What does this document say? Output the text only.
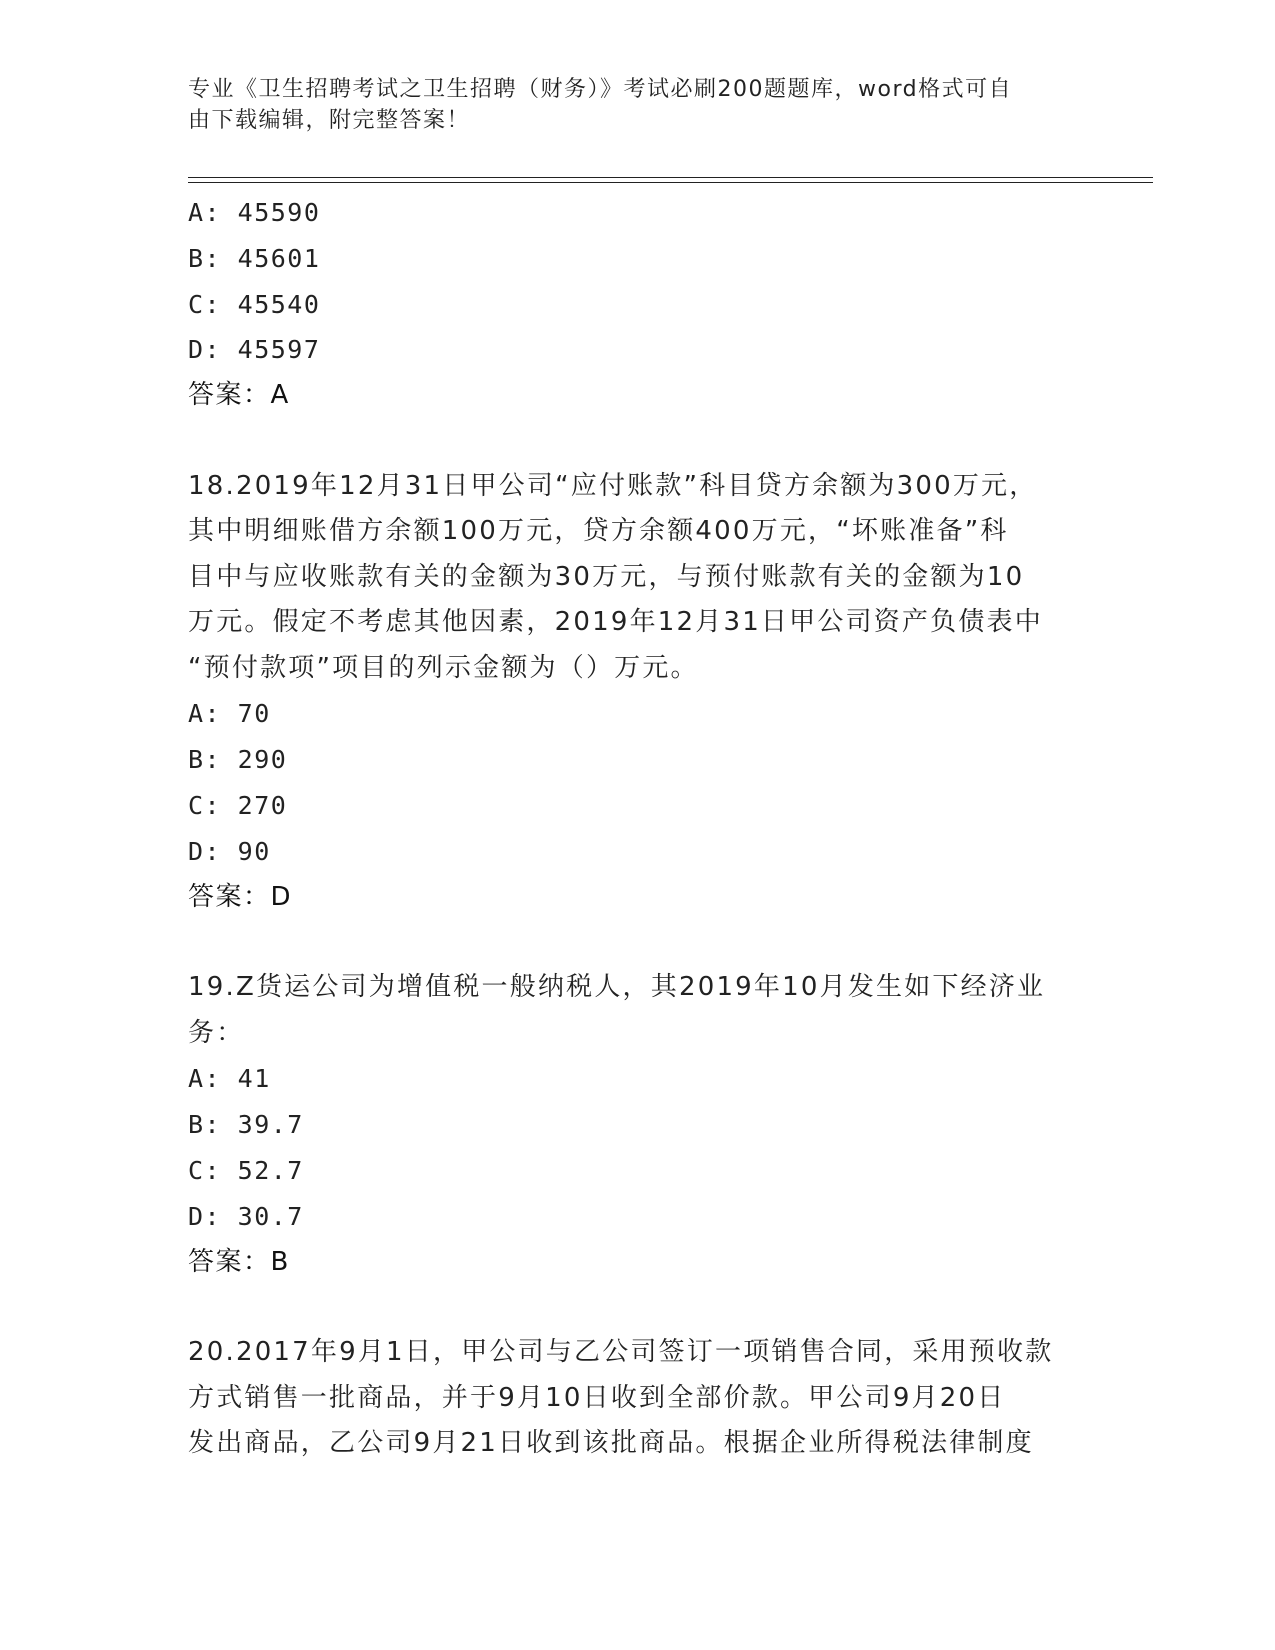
专业《卫生招聘考试之卫生招聘（财务）》考试必刷200题题库，word格式可自
由下载编辑，附完整答案！
A: 45590
B: 45601
C: 45540
D: 45597
答案：A
18.2019年12月31日甲公司“应付账款”科目贷方余额为300万元，
其中明细账借方余额100万元，贷方余额400万元，“坏账准备”科
目中与应收账款有关的金额为30万元，与预付账款有关的金额为10
万元。假定不考虑其他因素，2019年12月31日甲公司资产负债表中
“预付款项”项目的列示金额为（）万元。
A: 70
B: 290
C: 270
D: 90
答案：D
19.Z货运公司为增值税一般纳税人，其2019年10月发生如下经济业
务：
A: 41
B: 39.7
C: 52.7
D: 30.7
答案：B
20.2017年9月1日，甲公司与乙公司签订一项销售合同，采用预收款
方式销售一批商品，并于9月10日收到全部价款。甲公司9月20日
发出商品，乙公司9月21日收到该批商品。根据企业所得税法律制度
